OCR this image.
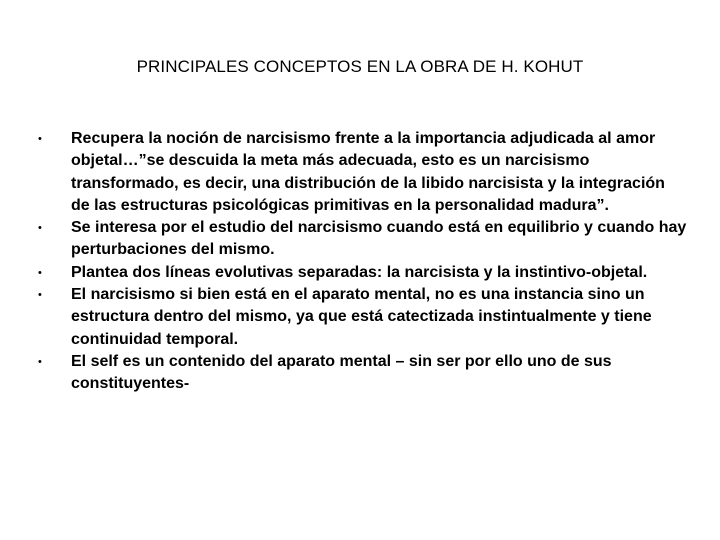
PRINCIPALES CONCEPTOS EN LA OBRA DE H. KOHUT
• Recupera la noción de narcisismo frente a la importancia adjudicada al amor objetal…”se descuida la meta más adecuada, esto es un narcisismo transformado, es decir, una distribución de la libido narcisista y la integración de las estructuras psicológicas primitivas en la personalidad madura”.
• Se interesa por el estudio del narcisismo cuando está en equilibrio y cuando hay perturbaciones del mismo.
• Plantea dos líneas evolutivas separadas: la narcisista y la instintivo-objetal.
• El narcisismo si bien está en el aparato mental, no es una instancia sino un estructura dentro del mismo, ya que está catectizada instintualmente y tiene continuidad temporal.
• El self es un contenido del aparato mental – sin ser por ello uno de sus constituyentes-
